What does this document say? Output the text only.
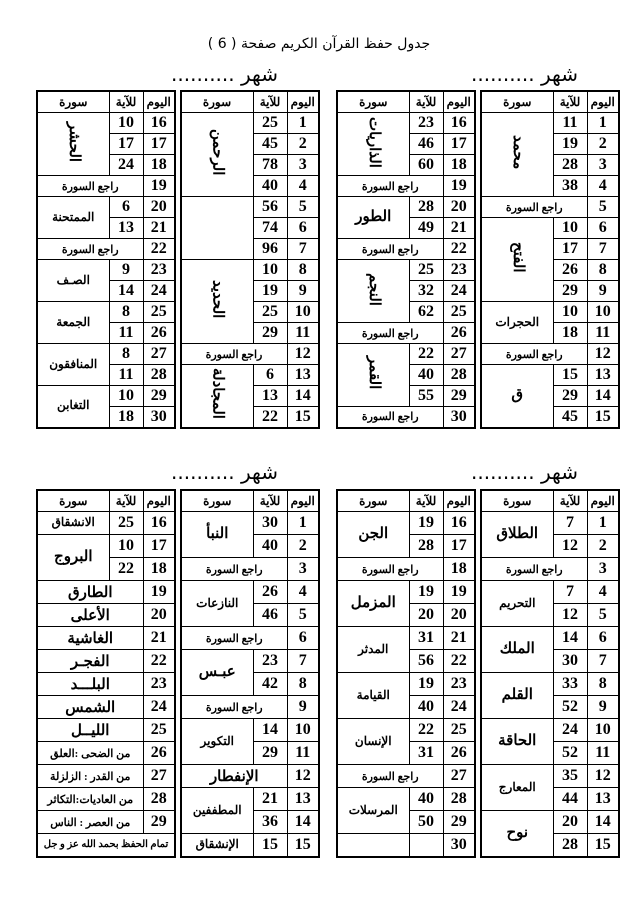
جدول حفظ القرآن الكريم صفحة ( 6 )
شهر ..........
شهر ..........
شهر ..........
شهر ..........
اليوم	للآية	سورة
1	11	محمد
2	19	
3	28	
4	38	
5	راجع السورة	
6	10	الفتح
7	17	
8	26	
9	29	
10	10	الحجرات
11	18	
12	راجع السورة	
13	15	ق
14	29	
15	45	
اليوم	للآية	سورة
16	23	الذاريات
17	46	
18	60	
19	راجع السورة	
20	28	الطور
21	49	
22	راجع السورة	
23	25	النجم
24	32	
25	62	
26	راجع السورة	
27	22	القمر
28	40	
29	55	
30	راجع السورة	
اليوم	للآية	سورة	
1	25	الرحمن	
2	45		
3	78		
4	40	
5	56		
6	74		
7	96		
8	10	الحديد	
9	19		
10	25		
11	29		
12	راجع السورة		
13	6	المجادلة	
14	13		
15	22		
اليوم	للآية	سورة
16	10	الحشر
17	17	
18	24	
19	راجع السورة	
20	6	الممتحنة
21	13	
22	راجع السورة	
23	9	الصـف
24	14	
25	8	الجمعة
26	11	
27	8	المنافقون
28	11	
29	10	التغابن
30	18	
اليوم	للآية	سورة
1	7	الطلاق
2	12	
3	راجع السورة	
4	7	التحريم
5	12	
6	14	الملك
7	30	
8	33	القلم
9	52	
10	24	الحاقة
11	52	
12	35	المعارج
13	44	
14	20	نوح
15	28	
اليوم	للآية	سورة
16	19	الجن
17	28	
18	راجع السورة	
19	19	المزمل
20	20	
21	31	المدثر
22	56	
23	19	القيامة
24	40	
25	22	الإنسان
26	31	
27	راجع السورة	
28	40	المرسلات
29	50	
30		
اليوم	للآية	سورة
1	30	النبأ
2	40	
3	راجع السورة	
4	26	النازعات
5	46	
6	راجع السورة	
7	23	عبـس
8	42	
9	راجع السورة	
10	14	التكوير
11	29	
12	الإنفطار	
13	21	المطففين
14	36	
15	15	الإنشقاق
اليوم	للآية	سورة
16	25	الانشقاق
17	10	البروج
18	22	
19	الطارق	
20	الأعلى	
21	الغاشية	
22	الفجـر	
23	البلـــد	
24	الشمس	
25	الليــل	
26	من الضحى :العلق	
27	من القدر : الزلزلة	
28	من العاديات:التكاثر	
29	من العصر : الناس	
تمام الحفظ بحمد الله عز و جل		
